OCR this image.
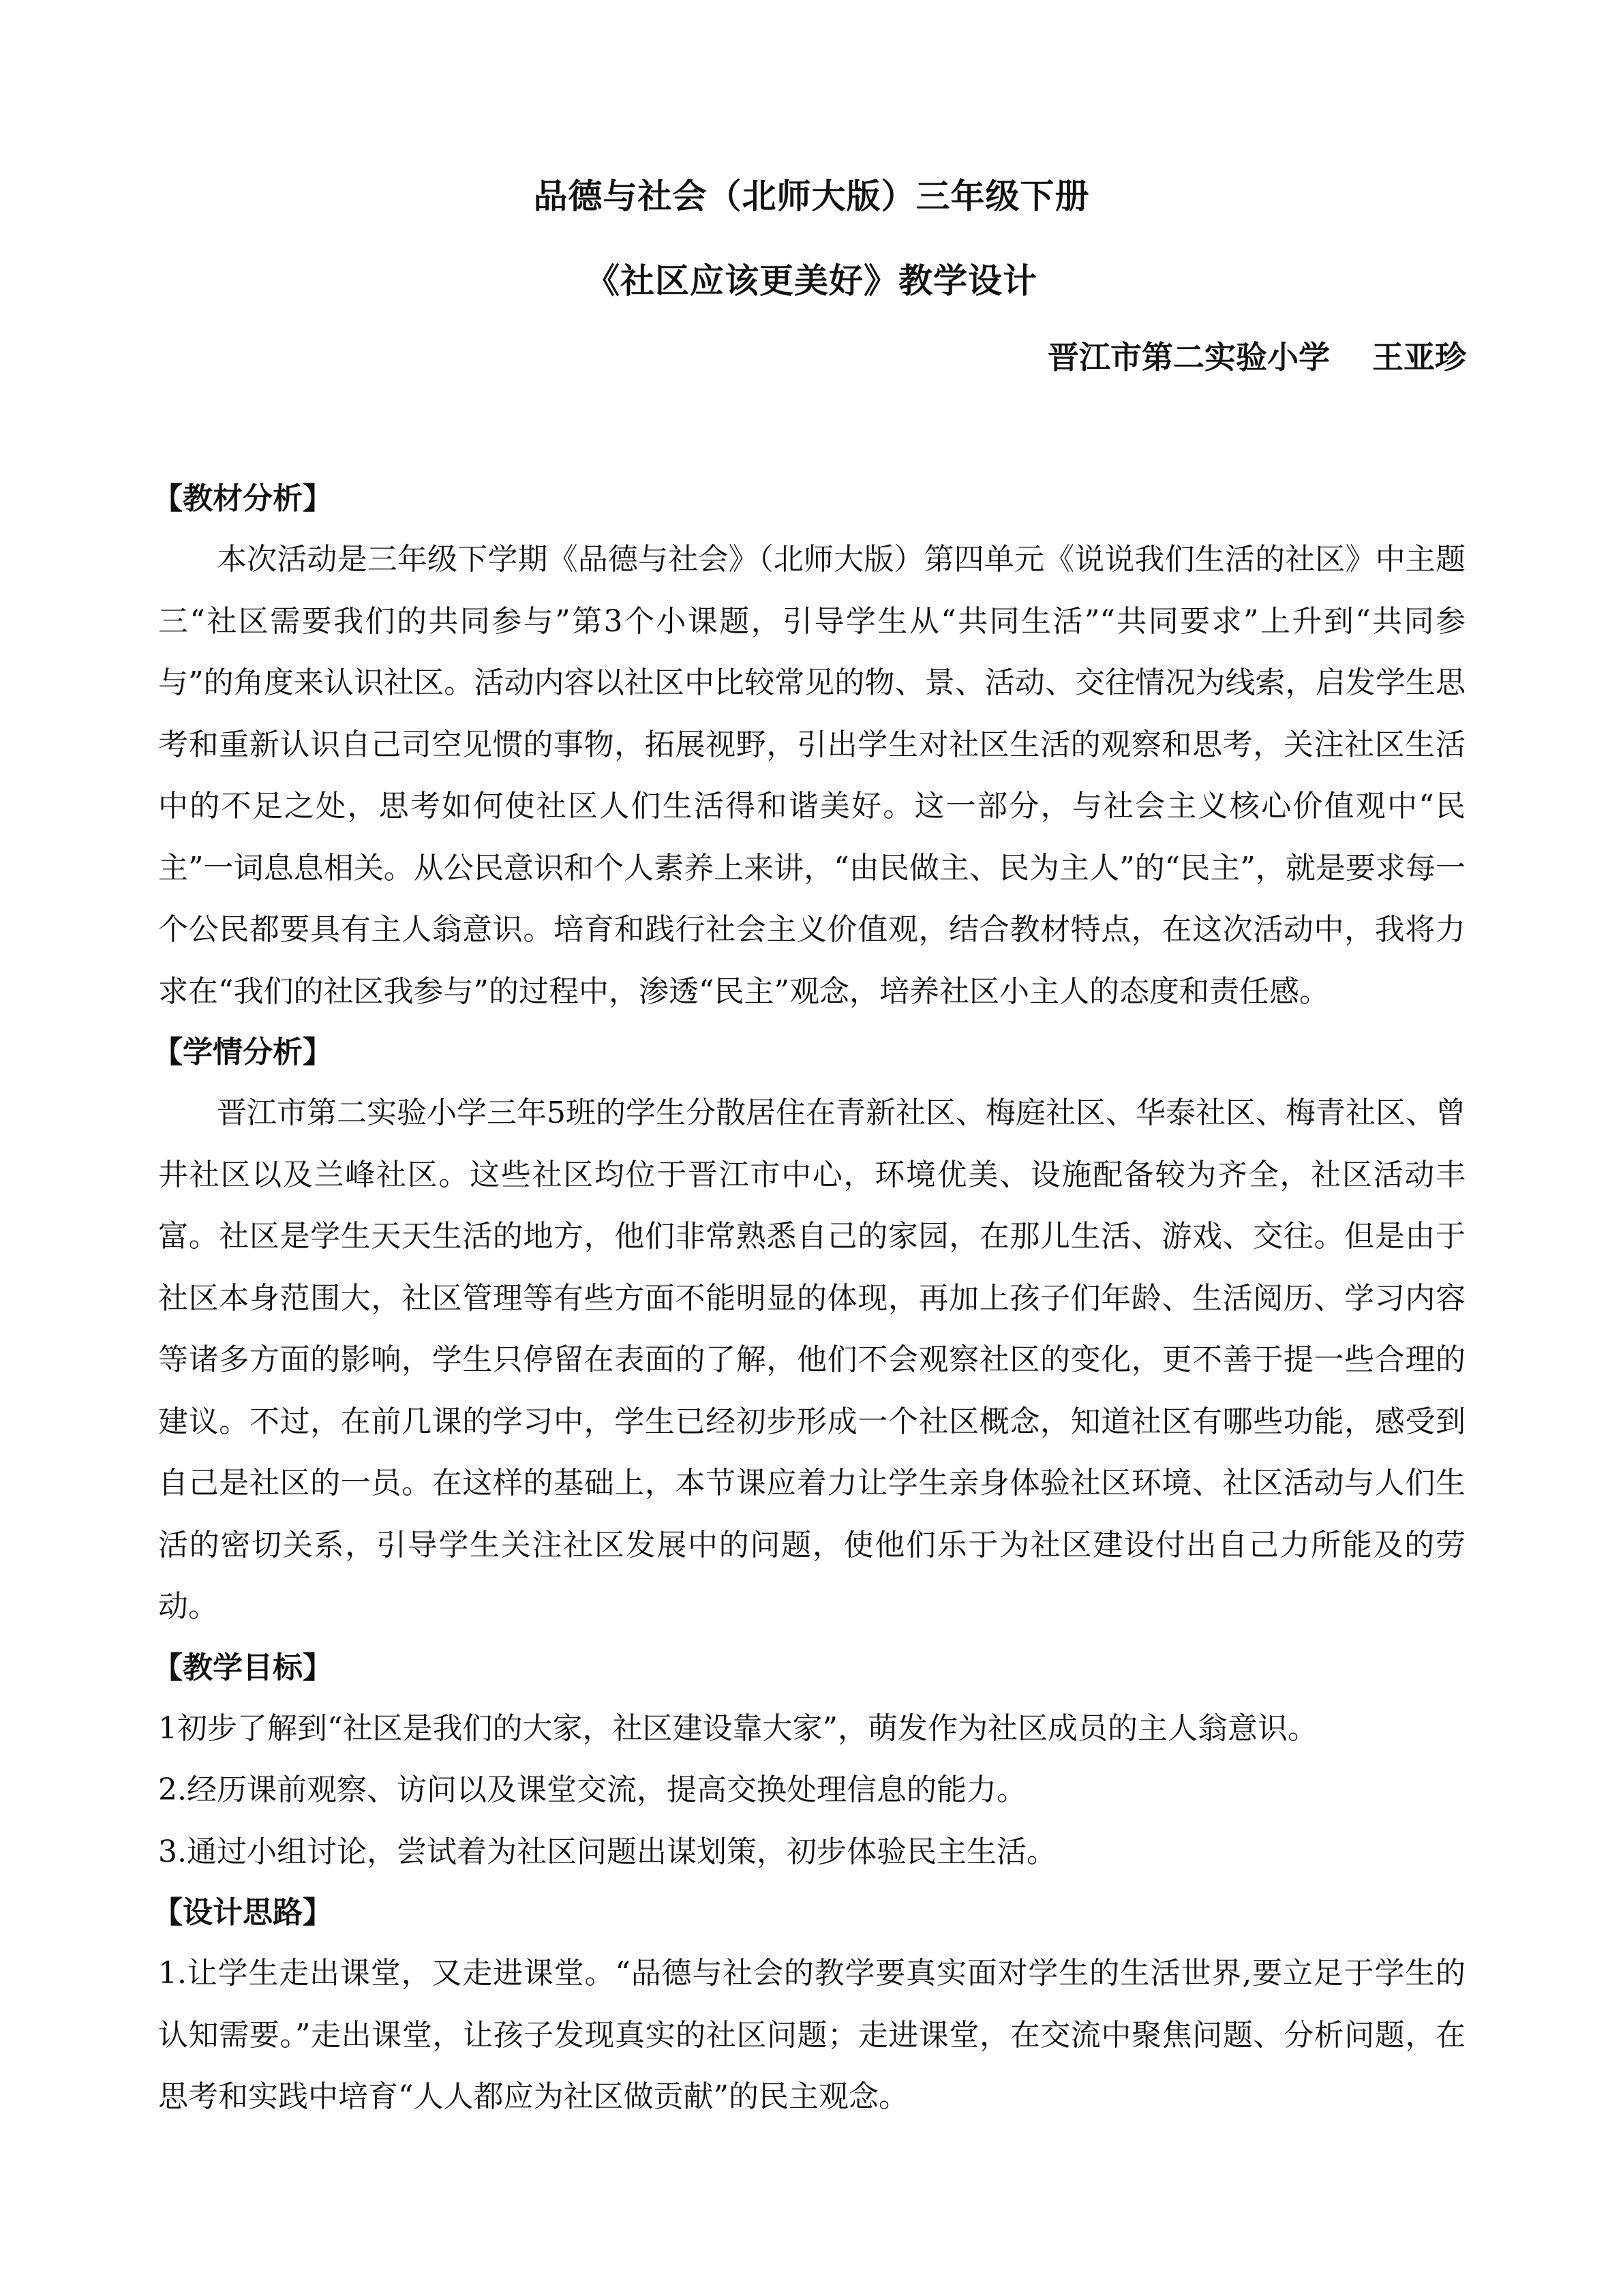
品德与社会（北师大版）三年级下册
《社区应该更美好》教学设计
晋江市第二实验小学　 王亚珍
【教材分析】

本次活动是三年级下学期《品德与社会》（北师大版）第四单元《说说我们生活的社区》中主题三“社区需要我们的共同参与”第3个小课题，引导学生从“共同生活”“共同要求”上升到“共同参与”的角度来认识社区。活动内容以社区中比较常见的物、景、活动、交往情况为线索，启发学生思考和重新认识自己司空见惯的事物，拓展视野，引出学生对社区生活的观察和思考，关注社区生活中的不足之处，思考如何使社区人们生活得和谐美好。这一部分，与社会主义核心价值观中“民主”一词息息相关。从公民意识和个人素养上来讲，“由民做主、民为主人”的“民主”，就是要求每一个公民都要具有主人翁意识。培育和践行社会主义价值观，结合教材特点，在这次活动中，我将力求在“我们的社区我参与”的过程中，渗透“民主”观念，培养社区小主人的态度和责任感。

【学情分析】

晋江市第二实验小学三年5班的学生分散居住在青新社区、梅庭社区、华泰社区、梅青社区、曾井社区以及兰峰社区。这些社区均位于晋江市中心，环境优美、设施配备较为齐全，社区活动丰富。社区是学生天天生活的地方，他们非常熟悉自己的家园，在那儿生活、游戏、交往。但是由于社区本身范围大，社区管理等有些方面不能明显的体现，再加上孩子们年龄、生活阅历、学习内容等诸多方面的影响，学生只停留在表面的了解，他们不会观察社区的变化，更不善于提一些合理的建议。不过，在前几课的学习中，学生已经初步形成一个社区概念，知道社区有哪些功能，感受到自己是社区的一员。在这样的基础上，本节课应着力让学生亲身体验社区环境、社区活动与人们生活的密切关系，引导学生关注社区发展中的问题，使他们乐于为社区建设付出自己力所能及的劳动。

【教学目标】

1初步了解到“社区是我们的大家，社区建设靠大家”，萌发作为社区成员的主人翁意识。

2.经历课前观察、访问以及课堂交流，提高交换处理信息的能力。

3.通过小组讨论，尝试着为社区问题出谋划策，初步体验民主生活。

【设计思路】

1.让学生走出课堂，又走进课堂。“品德与社会的教学要真实面对学生的生活世界,要立足于学生的认知需要。”走出课堂，让孩子发现真实的社区问题；走进课堂，在交流中聚焦问题、分析问题，在思考和实践中培育“人人都应为社区做贡献”的民主观念。
